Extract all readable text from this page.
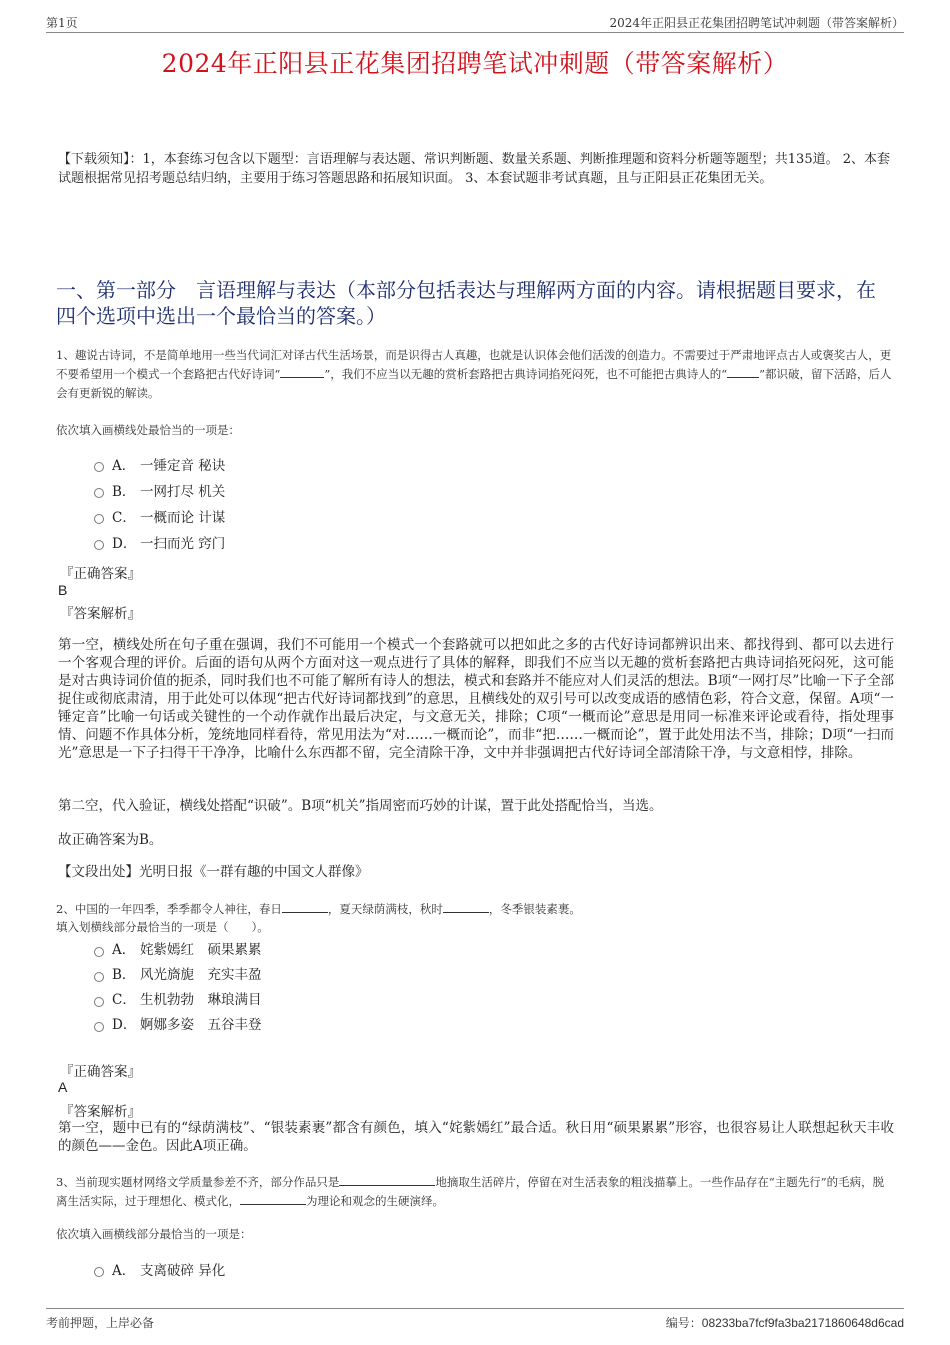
第1页	2024年正阳县正花集团招聘笔试冲刺题（带答案解析）
2024年正阳县正花集团招聘笔试冲刺题（带答案解析）
【下载须知】：1，本套练习包含以下题型：言语理解与表达题、常识判断题、数量关系题、判断推理题和资料分析题等题型；共135道。 2、本套试题根据常见招考题总结归纳，主要用于练习答题思路和拓展知识面。 3、本套试题非考试真题，且与正阳县正花集团无关。
一、第一部分　言语理解与表达（本部分包括表达与理解两方面的内容。请根据题目要求，在四个选项中选出一个最恰当的答案。）
1、趣说古诗词，不是简单地用一些当代词汇对译古代生活场景，而是识得古人真趣，也就是认识体会他们活泼的创造力。不需要过于严肃地评点古人或褒奖古人，更不要希望用一个模式一个套路把古代好诗词“	”，我们不应当以无趣的赏析套路把古典诗词掐死闷死，也不可能把古典诗人的“	”都识破，留下活路，后人会有更新锐的解读。
依次填入画横线处最恰当的一项是：
A． 一锤定音 秘诀
B． 一网打尽 机关
C． 一概而论 计谋
D． 一扫而光 窍门
『正确答案』
B
『答案解析』
第一空，横线处所在句子重在强调，我们不可能用一个模式一个套路就可以把如此之多的古代好诗词都辨识出来、都找得到、都可以去进行一个客观合理的评价。后面的语句从两个方面对这一观点进行了具体的解释，即我们不应当以无趣的赏析套路把古典诗词掐死闷死，这可能是对古典诗词价值的扼杀，同时我们也不可能了解所有诗人的想法，模式和套路并不能应对人们灵活的想法。B项“一网打尽”比喻一下子全部捉住或彻底肃清，用于此处可以体现“把古代好诗词都找到”的意思，且横线处的双引号可以改变成语的感情色彩，符合文意，保留。A项“一锤定音”比喻一句话或关键性的一个动作就作出最后决定，与文意无关，排除；C项“一概而论”意思是用同一标准来评论或看待，指处理事情、问题不作具体分析，笼统地同样看待，常见用法为“对……一概而论”，而非“把……一概而论”，置于此处用法不当，排除；D项“一扫而光”意思是一下子扫得干干净净，比喻什么东西都不留，完全清除干净，文中并非强调把古代好诗词全部清除干净，与文意相悖，排除。
第二空，代入验证，横线处搭配“识破”。B项“机关”指周密而巧妙的计谋，置于此处搭配恰当，当选。
故正确答案为B。
【文段出处】光明日报《一群有趣的中国文人群像》
2、中国的一年四季，季季都令人神往，春日	，夏天绿荫满枝，秋时	，冬季银装素裹。
填入划横线部分最恰当的一项是（　　）。
A． 姹紫嫣红　硕果累累
B． 风光旖旎　充实丰盈
C． 生机勃勃　琳琅满目
D． 婀娜多姿　五谷丰登
『正确答案』
A
『答案解析』
第一空，题中已有的“绿荫满枝”、“银装素裹”都含有颜色，填入“姹紫嫣红”最合适。秋日用“硕果累累”形容，也很容易让人联想起秋天丰收的颜色——金色。因此A项正确。
3、当前现实题材网络文学质量参差不齐，部分作品只是	地摘取生活碎片，停留在对生活表象的粗浅描摹上。一些作品存在“主题先行”的毛病，脱离生活实际，过于理想化、模式化，	为理论和观念的生硬演绎。
依次填入画横线部分最恰当的一项是：
A． 支离破碎 异化
考前押题，上岸必备	编号：08233ba7fcf9fa3ba2171860648d6cad
